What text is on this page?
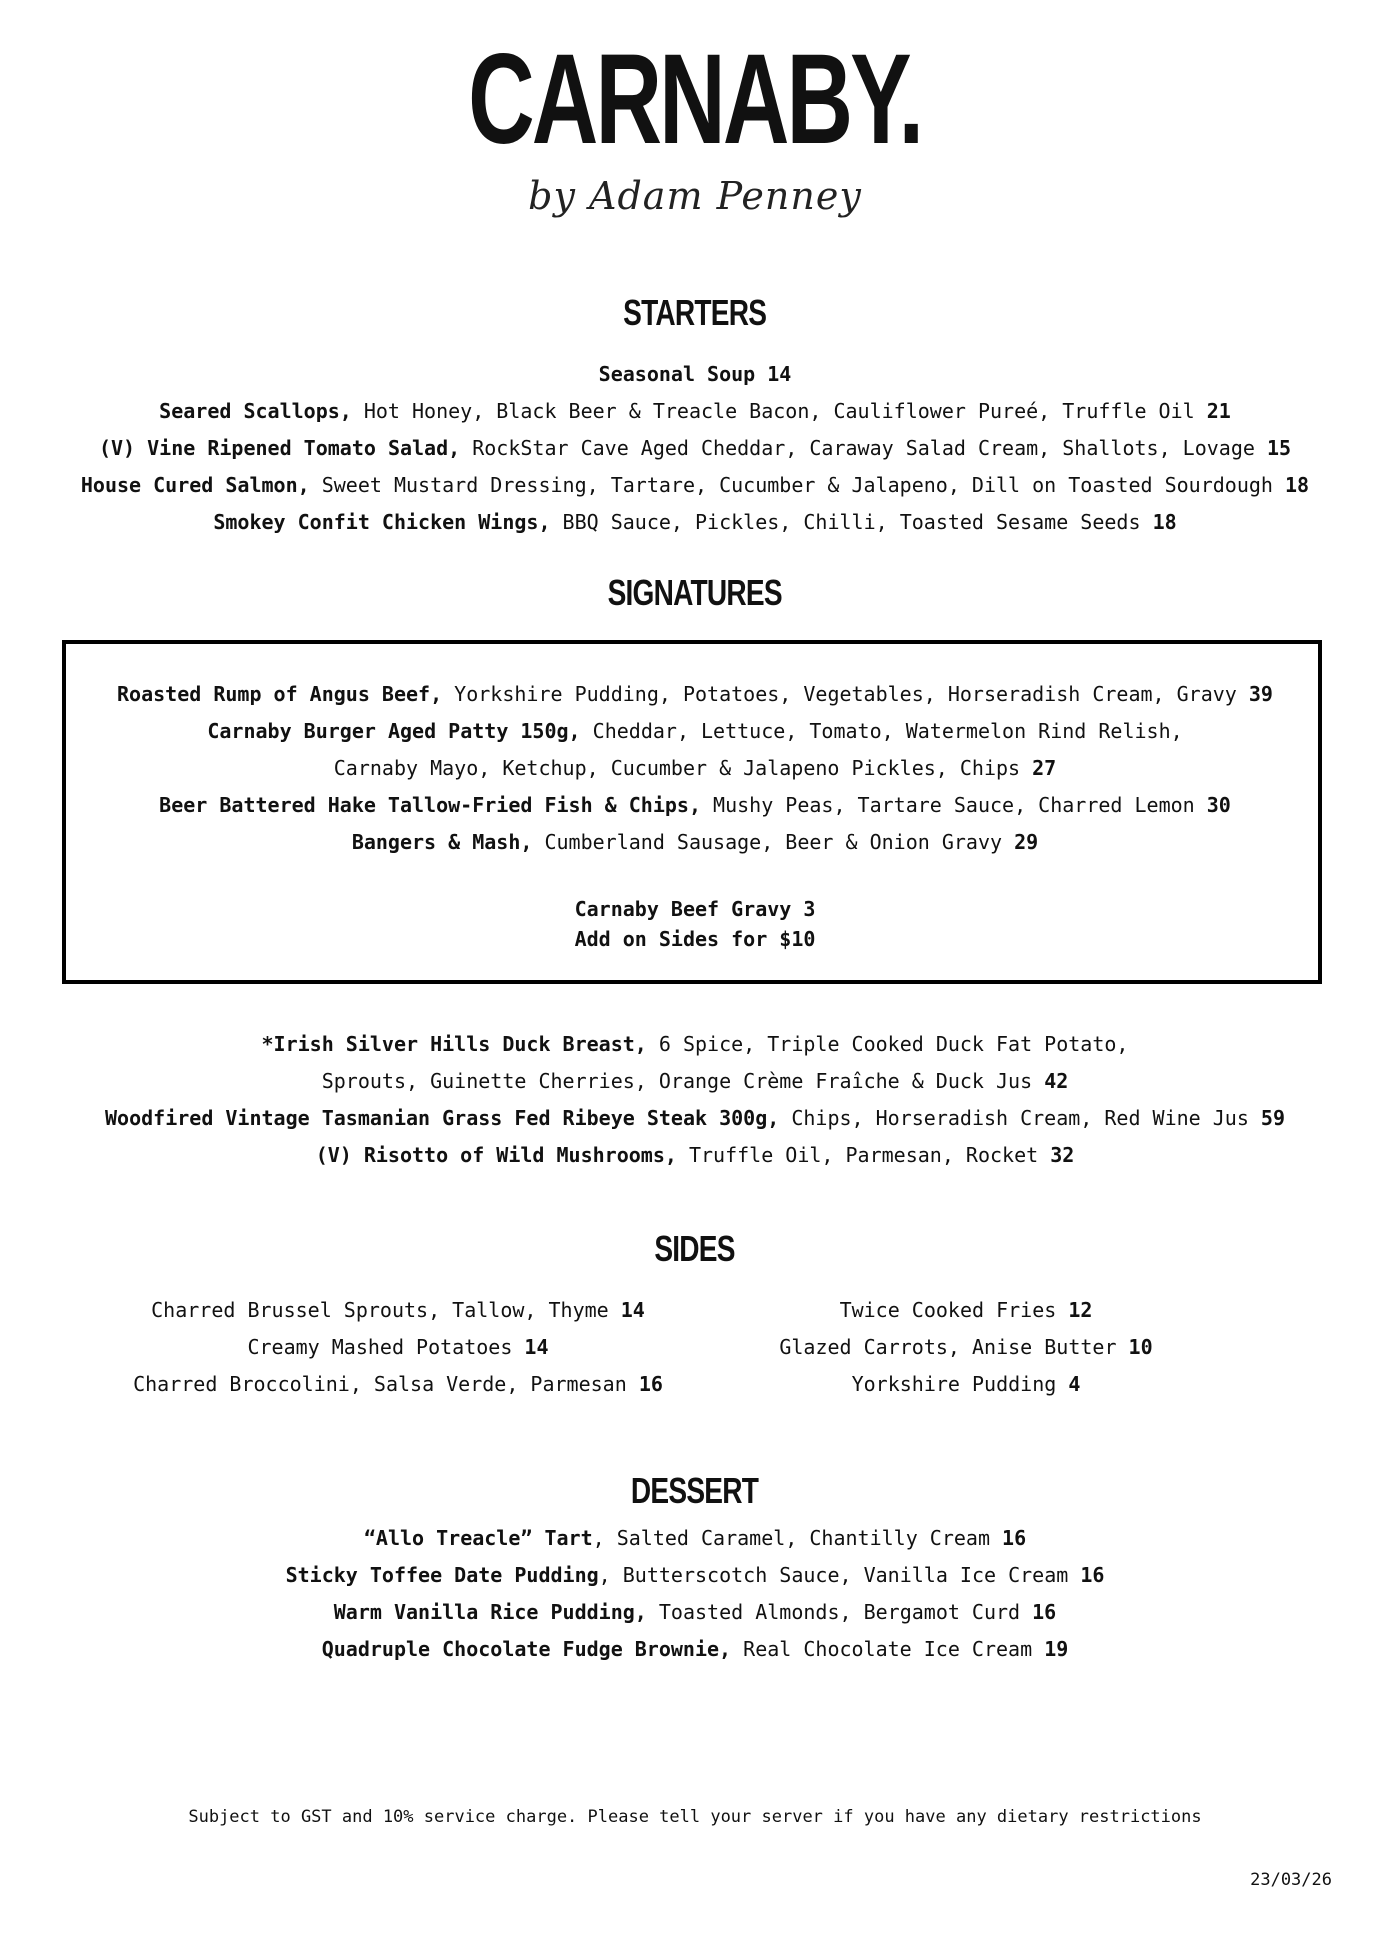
CARNABY.
by Adam Penney
STARTERS
Seasonal Soup 14
Seared Scallops, Hot Honey, Black Beer & Treacle Bacon, Cauliflower Pureé, Truffle Oil 21
(V) Vine Ripened Tomato Salad, RockStar Cave Aged Cheddar, Caraway Salad Cream, Shallots, Lovage 15
House Cured Salmon, Sweet Mustard Dressing, Tartare, Cucumber & Jalapeno, Dill on Toasted Sourdough 18
Smokey Confit Chicken Wings, BBQ Sauce, Pickles, Chilli, Toasted Sesame Seeds 18
SIGNATURES
Roasted Rump of Angus Beef, Yorkshire Pudding, Potatoes, Vegetables, Horseradish Cream, Gravy 39
Carnaby Burger Aged Patty 150g, Cheddar, Lettuce, Tomato, Watermelon Rind Relish,
Carnaby Mayo, Ketchup, Cucumber & Jalapeno Pickles, Chips 27
Beer Battered Hake Tallow-Fried Fish & Chips, Mushy Peas, Tartare Sauce, Charred Lemon 30
Bangers & Mash, Cumberland Sausage, Beer & Onion Gravy 29
Carnaby Beef Gravy 3
Add on Sides for $10
*Irish Silver Hills Duck Breast, 6 Spice, Triple Cooked Duck Fat Potato,
Sprouts, Guinette Cherries, Orange Crème Fraîche & Duck Jus 42
Woodfired Vintage Tasmanian Grass Fed Ribeye Steak 300g, Chips, Horseradish Cream, Red Wine Jus 59
(V) Risotto of Wild Mushrooms, Truffle Oil, Parmesan, Rocket 32
SIDES
Charred Brussel Sprouts, Tallow, Thyme 14
Creamy Mashed Potatoes 14
Charred Broccolini, Salsa Verde, Parmesan 16
Twice Cooked Fries 12
Glazed Carrots, Anise Butter 10
Yorkshire Pudding 4
DESSERT
“Allo Treacle” Tart, Salted Caramel, Chantilly Cream 16
Sticky Toffee Date Pudding, Butterscotch Sauce, Vanilla Ice Cream 16
Warm Vanilla Rice Pudding, Toasted Almonds, Bergamot Curd 16
Quadruple Chocolate Fudge Brownie, Real Chocolate Ice Cream 19
Subject to GST and 10% service charge. Please tell your server if you have any dietary restrictions
23/03/26
